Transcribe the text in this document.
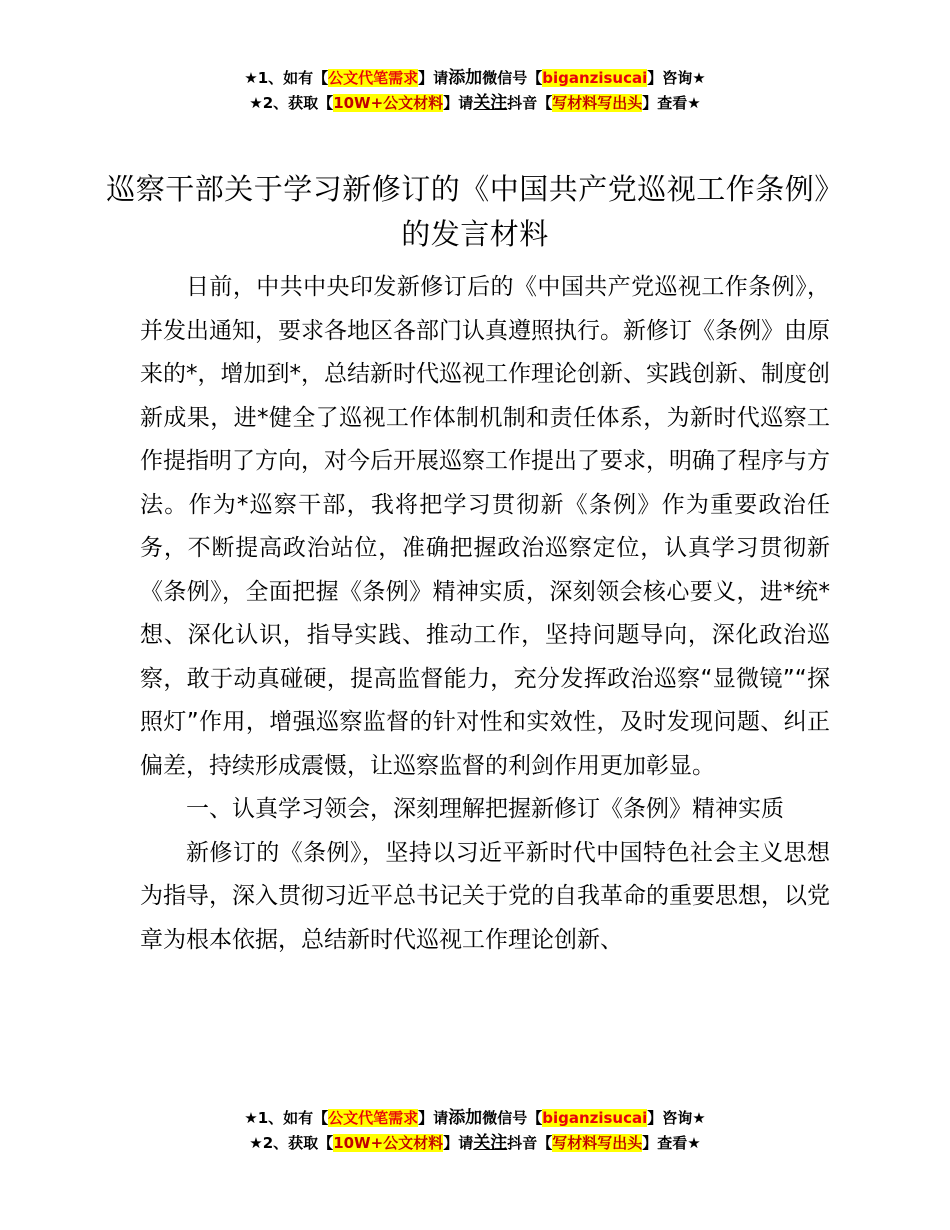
★1、如有【公文代笔需求】请添加微信号【biganzisucai】咨询★
★2、获取【10W+公文材料】请关注抖音【写材料写出头】查看★
巡察干部关于学习新修订的《中国共产党巡视工作条例》的发言材料

日前，中共中央印发新修订后的《中国共产党巡视工作条例》，并发出通知，要求各地区各部门认真遵照执行。新修订《条例》由原来的*，增加到*，总结新时代巡视工作理论创新、实践创新、制度创新成果，进*健全了巡视工作体制机制和责任体系，为新时代巡察工作提指明了方向，对今后开展巡察工作提出了要求，明确了程序与方法。作为*巡察干部，我将把学习贯彻新《条例》作为重要政治任务，不断提高政治站位，准确把握政治巡察定位，认真学习贯彻新《条例》，全面把握《条例》精神实质，深刻领会核心要义，进*统*想、深化认识，指导实践、推动工作，坚持问题导向，深化政治巡察，敢于动真碰硬，提高监督能力，充分发挥政治巡察“显微镜”“探照灯”作用，增强巡察监督的针对性和实效性，及时发现问题、纠正偏差，持续形成震慑，让巡察监督的利剑作用更加彰显。

一、认真学习领会，深刻理解把握新修订《条例》精神实质

新修订的《条例》，坚持以习近平新时代中国特色社会主义思想为指导，深入贯彻习近平总书记关于党的自我革命的重要思想，以党章为根本依据，总结新时代巡视工作理论创新、

★1、如有【公文代笔需求】请添加微信号【biganzisucai】咨询★
★2、获取【10W+公文材料】请关注抖音【写材料写出头】查看★
